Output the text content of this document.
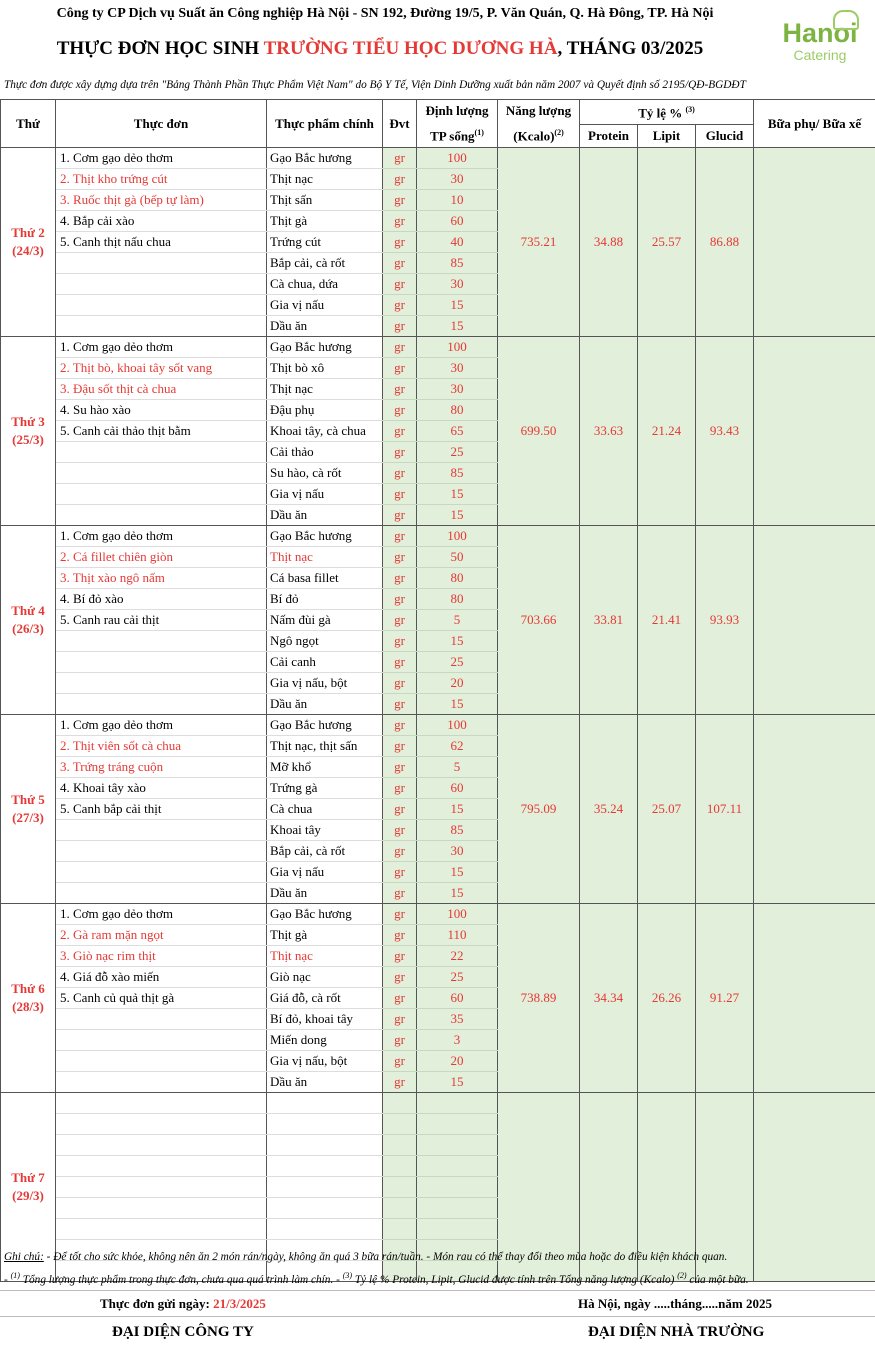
Công ty CP Dịch vụ Suất ăn Công nghiệp Hà Nội - SN 192, Đường 19/5, P. Văn Quán, Q. Hà Đông, TP. Hà Nội
THỰC ĐƠN HỌC SINH TRƯỜNG TIỂU HỌC DƯƠNG HÀ, THÁNG 03/2025
Hanoi
Catering
Thực đơn được xây dựng dựa trên "Bảng Thành Phần Thực Phẩm Việt Nam" do Bộ Y Tế, Viện Dinh Dưỡng xuất bản năm 2007 và Quyết định số 2195/QĐ-BGDĐT
Thứ	Thực đơn	Thực phẩm chính	Đvt	Định lượng TP sống$^{(1)}$	Năng lượng (Kcalo)$^{(2)}$	Tỷ lệ % $^{(3)}$			Bữa phụ/ Bữa xế
						Protein	Lipit	Glucid	

Thứ 2
(24/3)	1. Cơm gạo dẻo thơm	Gạo Bắc hương	gr	100	735.21	34.88	25.57	86.88	
	2. Thịt kho trứng cút	Thịt nạc	gr	30					
	3. Ruốc thịt gà (bếp tự làm)	Thịt sấn	gr	10					
	4. Bắp cải xào	Thịt gà	gr	60					
	5. Canh thịt nấu chua	Trứng cút	gr	40					
		Bắp cải, cà rốt	gr	85					
		Cà chua, dứa	gr	30					
		Gia vị nấu	gr	15					
		Dầu ăn	gr	15					

Thứ 3
(25/3)	1. Cơm gạo dẻo thơm	Gạo Bắc hương	gr	100	699.50	33.63	21.24	93.43	
	2. Thịt bò, khoai tây sốt vang	Thịt bò xô	gr	30					
	3. Đậu sốt thịt cà chua	Thịt nạc	gr	30					
	4. Su hào xào	Đậu phụ	gr	80					
	5. Canh cải thảo thịt bằm	Khoai tây, cà chua	gr	65					
		Cải thảo	gr	25					
		Su hào, cà rốt	gr	85					
		Gia vị nấu	gr	15					
		Dầu ăn	gr	15					

Thứ 4
(26/3)	1. Cơm gạo dẻo thơm	Gạo Bắc hương	gr	100	703.66	33.81	21.41	93.93	
	2. Cá fillet chiên giòn	Thịt nạc	gr	50					
	3. Thịt xào ngô nấm	Cá basa fillet	gr	80					
	4. Bí đỏ xào	Bí đỏ	gr	80					
	5. Canh rau cải thịt	Nấm đùi gà	gr	5					
		Ngô ngọt	gr	15					
		Cải canh	gr	25					
		Gia vị nấu, bột	gr	20					
		Dầu ăn	gr	15					

Thứ 5
(27/3)	1. Cơm gạo dẻo thơm	Gạo Bắc hương	gr	100	795.09	35.24	25.07	107.11	
	2. Thịt viên sốt cà chua	Thịt nạc, thịt sấn	gr	62					
	3. Trứng tráng cuộn	Mỡ khổ	gr	5					
	4. Khoai tây xào	Trứng gà	gr	60					
	5. Canh bắp cải thịt	Cà chua	gr	15					
		Khoai tây	gr	85					
		Bắp cải, cà rốt	gr	30					
		Gia vị nấu	gr	15					
		Dầu ăn	gr	15					

Thứ 6
(28/3)	1. Cơm gạo dẻo thơm	Gạo Bắc hương	gr	100	738.89	34.34	26.26	91.27	
	2. Gà ram mặn ngọt	Thịt gà	gr	110					
	3. Giò nạc rim thịt	Thịt nạc	gr	22					
	4. Giá đỗ xào miến	Giò nạc	gr	25					
	5. Canh củ quả thịt gà	Giá đỗ, cà rốt	gr	60					
		Bí đỏ, khoai tây	gr	35					
		Miến dong	gr	3					
		Gia vị nấu, bột	gr	20					
		Dầu ăn	gr	15					

Thứ 7
(29/3)									

Ghi chú: - Để tốt cho sức khỏe, không nên ăn 2 món rán/ngày, không ăn quá 3 bữa rán/tuần. - Món rau có thể thay đổi theo mùa hoặc do điều kiện khách quan.
- $^{(1)}$ Tổng lượng thực phẩm trong thực đơn, chưa qua quá trình làm chín. - $^{(3)}$ Tỷ lệ % Protein, Lipit, Glucid được tính trên Tổng năng lượng (Kcalo) $^{(2)}$ của một bữa.
Thực đơn gửi ngày: 21/3/2025	Hà Nội, ngày .....tháng.....năm 2025
ĐẠI DIỆN CÔNG TY	ĐẠI DIỆN NHÀ TRƯỜNG
